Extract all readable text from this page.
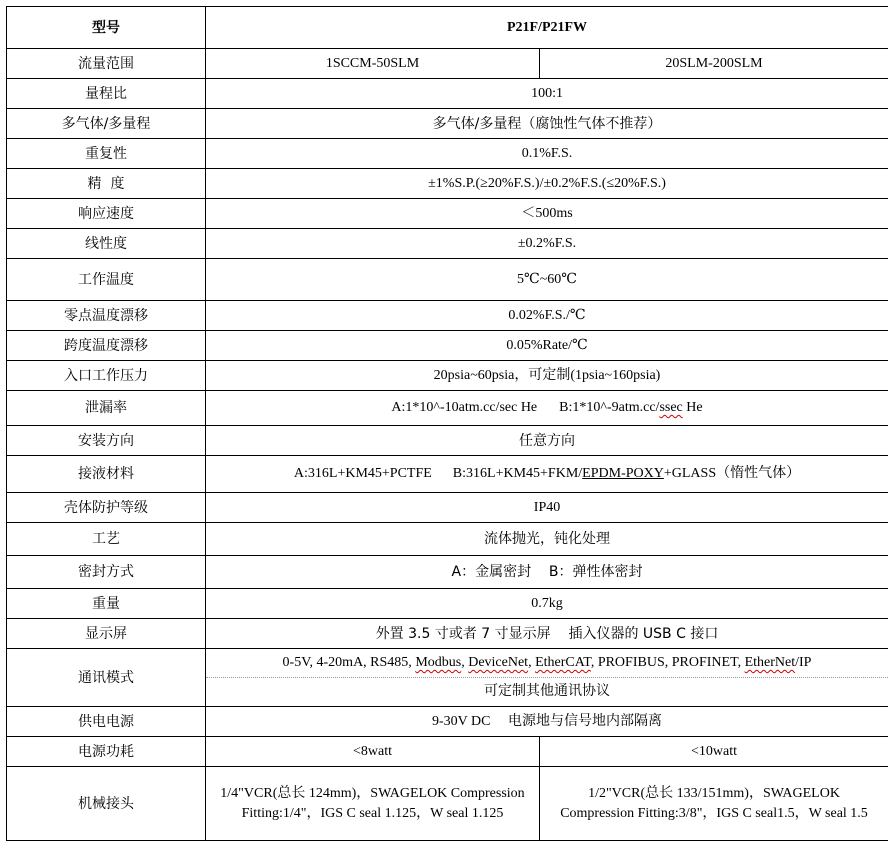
型号	P21F/P21FW	
流量范围	1SCCM-50SLM	20SLM-200SLM
量程比	100:1	
多气体/多量程	多气体/多量程（腐蚀性气体不推荐）	
重复性	0.1%F.S.	
精  度	±1%S.P.(≥20%F.S.)/±0.2%F.S.(≤20%F.S.)	
响应速度	＜500ms	
线性度	±0.2%F.S.	
工作温度	5℃~60℃	
零点温度漂移	0.02%F.S./℃	
跨度温度漂移	0.05%Rate/℃	
入口工作压力	20psia~60psia，可定制(1psia~160psia)	
泄漏率	A:1*10^-10atm.cc/sec He B:1*10^-9atm.cc/ssec He	
安装方向	任意方向	
接液材料	A:316L+KM45+PCTFE      B:316L+KM45+FKM/EPDM-POXY+GLASS（惰性气体）	
壳体防护等级	IP40	
工艺	流体抛光，钝化处理	
密封方式	A：金属密封    B：弹性体密封	
重量	0.7kg	
显示屏	外置 3.5 寸或者 7 寸显示屏    插入仪器的 USB C 接口	
通讯模式	0-5V, 4-20mA, RS485, Modbus, DeviceNet, EtherCAT, PROFIBUS, PROFINET, EtherNet/IP
可定制其他通讯协议	

供电电源	9-30V DC     电源地与信号地内部隔离	
电源功耗	<8watt	<10watt
机械接头	1/4"VCR(总长 124mm)，SWAGELOK Compression Fitting:1/4"，IGS C seal 1.125，W seal 1.125	1/2"VCR(总长 133/151mm)，SWAGELOK Compression Fitting:3/8"，IGS C seal1.5，W seal 1.5
